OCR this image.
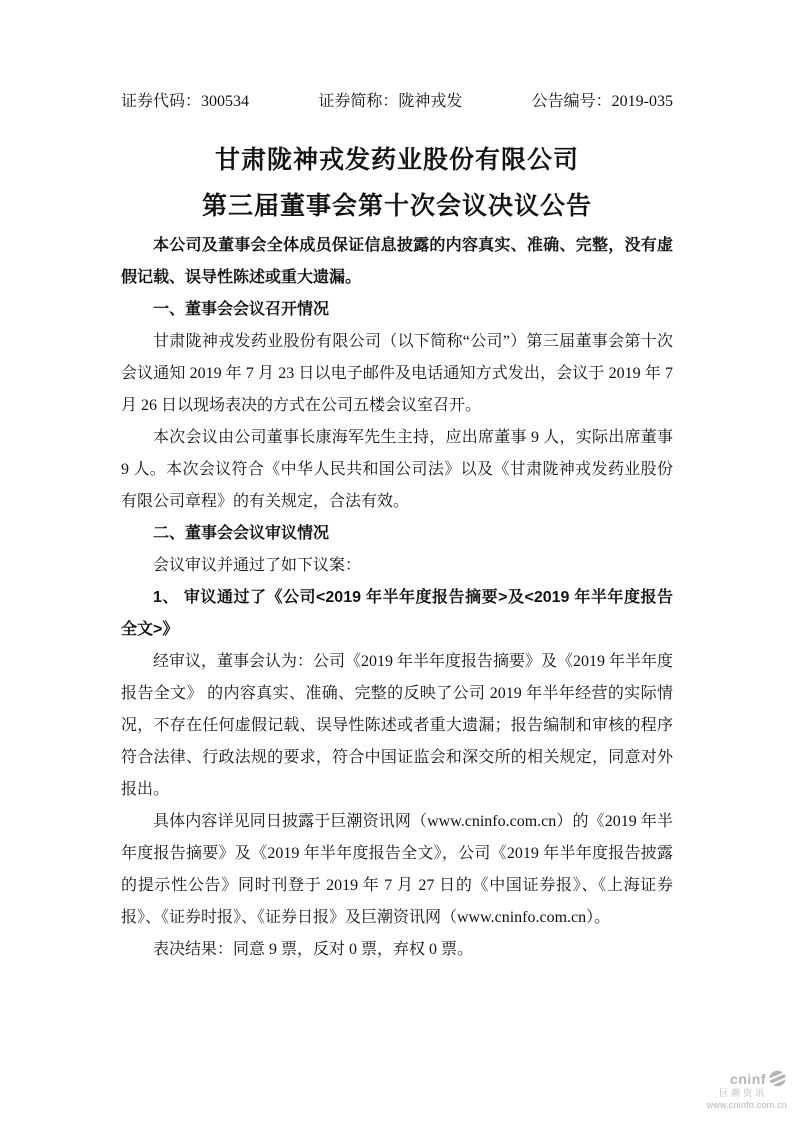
证券代码：300534	证券简称：陇神戎发	公告编号：2019-035
甘肃陇神戎发药业股份有限公司
第三届董事会第十次会议决议公告

本公司及董事会全体成员保证信息披露的内容真实、准确、完整，没有虚假记载、误导性陈述或重大遗漏。

一、董事会会议召开情况

甘肃陇神戎发药业股份有限公司（以下简称“公司”）第三届董事会第十次会议通知 2019 年 7 月 23 日以电子邮件及电话通知方式发出，会议于 2019 年 7 月 26 日以现场表决的方式在公司五楼会议室召开。

本次会议由公司董事长康海军先生主持，应出席董事 9 人，实际出席董事 9 人。本次会议符合《中华人民共和国公司法》以及《甘肃陇神戎发药业股份有限公司章程》的有关规定，合法有效。

二、董事会会议审议情况

会议审议并通过了如下议案：

1、 审议通过了《公司<2019 年半年度报告摘要>及<2019 年半年度报告全文>》

经审议，董事会认为：公司《2019 年半年度报告摘要》及《2019 年半年度报告全文》 的内容真实、准确、完整的反映了公司 2019 年半年经营的实际情况，不存在任何虚假记载、误导性陈述或者重大遗漏；报告编制和审核的程序符合法律、行政法规的要求，符合中国证监会和深交所的相关规定，同意对外报出。

具体内容详见同日披露于巨潮资讯网（www.cninfo.com.cn）的《2019 年半年度报告摘要》及《2019 年半年度报告全文》，公司《2019 年半年度报告披露的提示性公告》同时刊登于 2019 年 7 月 27 日的《中国证券报》、《上海证券报》、《证券时报》、《证券日报》及巨潮资讯网（www.cninfo.com.cn）。

表决结果：同意 9 票，反对 0 票，弃权 0 票。

cninf
巨潮资讯
www.cninfo.com.cn
